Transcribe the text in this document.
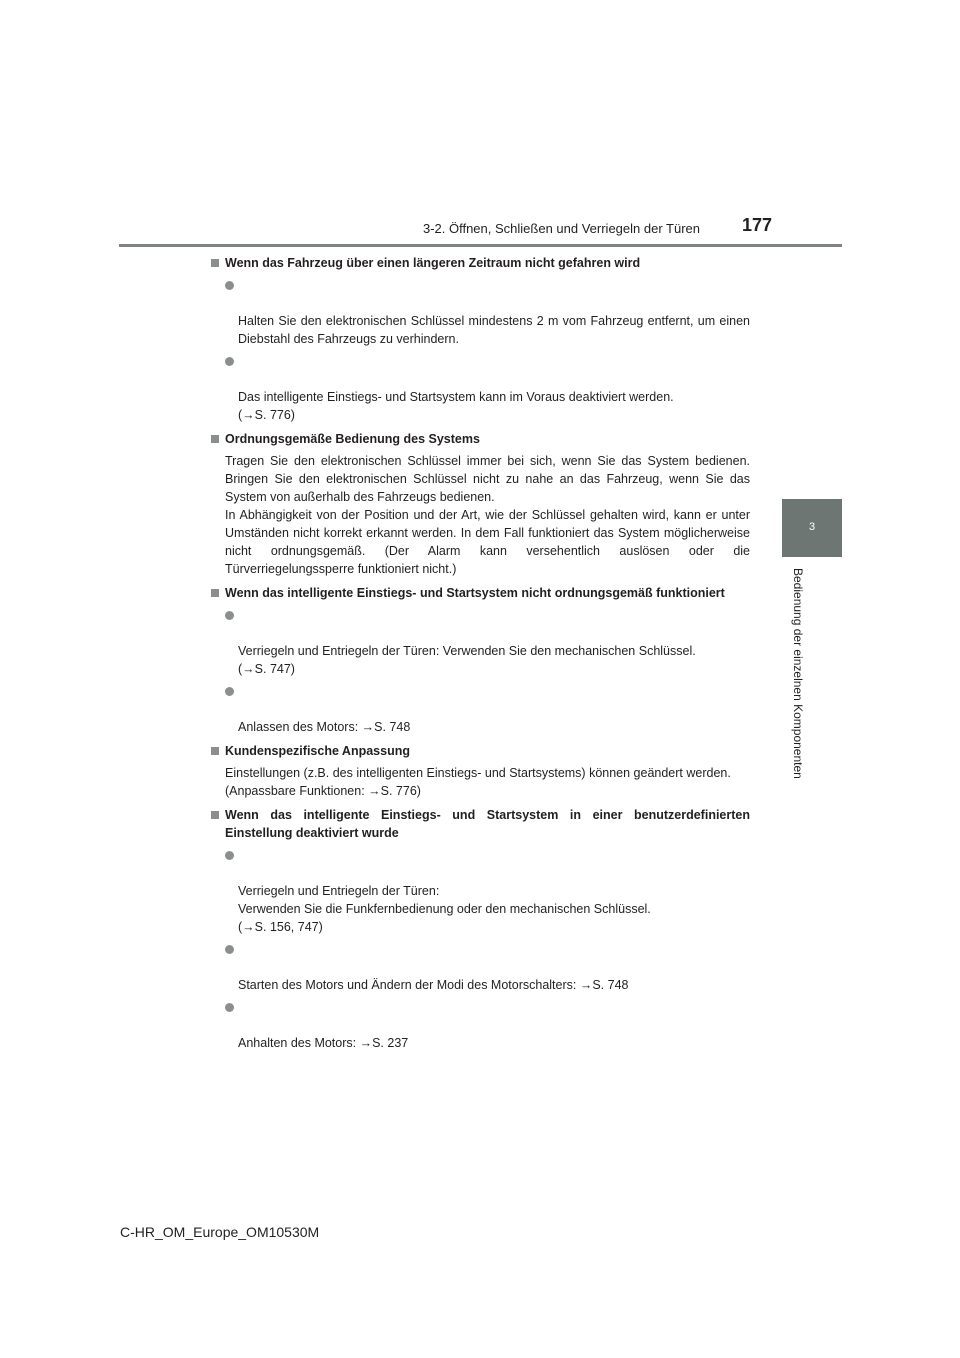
3-2. Öffnen, Schließen und Verriegeln der Türen	177
3
Bedienung der einzelnen Komponenten
Wenn das Fahrzeug über einen längeren Zeitraum nicht gefahren wird

Halten Sie den elektronischen Schlüssel mindestens 2 m vom Fahrzeug entfernt, um einen Diebstahl des Fahrzeugs zu verhindern.

Das intelligente Einstiegs- und Startsystem kann im Voraus deaktiviert werden.
(→S. 776)

Ordnungsgemäße Bedienung des Systems
Tragen Sie den elektronischen Schlüssel immer bei sich, wenn Sie das System bedienen. Bringen Sie den elektronischen Schlüssel nicht zu nahe an das Fahrzeug, wenn Sie das System von außerhalb des Fahrzeugs bedienen.
In Abhängigkeit von der Position und der Art, wie der Schlüssel gehalten wird, kann er unter Umständen nicht korrekt erkannt werden. In dem Fall funktioniert das System möglicherweise nicht ordnungsgemäß. (Der Alarm kann versehentlich auslösen oder die Türverriegelungssperre funktioniert nicht.)
Wenn das intelligente Einstiegs- und Startsystem nicht ordnungsgemäß funktioniert

Verriegeln und Entriegeln der Türen: Verwenden Sie den mechanischen Schlüssel.
(→S. 747)

Anlassen des Motors: →S. 748

Kundenspezifische Anpassung
Einstellungen (z.B. des intelligenten Einstiegs- und Startsystems) können geändert werden.
(Anpassbare Funktionen: →S. 776)
Wenn das intelligente Einstiegs- und Startsystem in einer benutzerdefinierten Einstellung deaktiviert wurde

Verriegeln und Entriegeln der Türen:
Verwenden Sie die Funkfernbedienung oder den mechanischen Schlüssel.
(→S. 156, 747)

Starten des Motors und Ändern der Modi des Motorschalters: →S. 748

Anhalten des Motors: →S. 237

C-HR_OM_Europe_OM10530M
